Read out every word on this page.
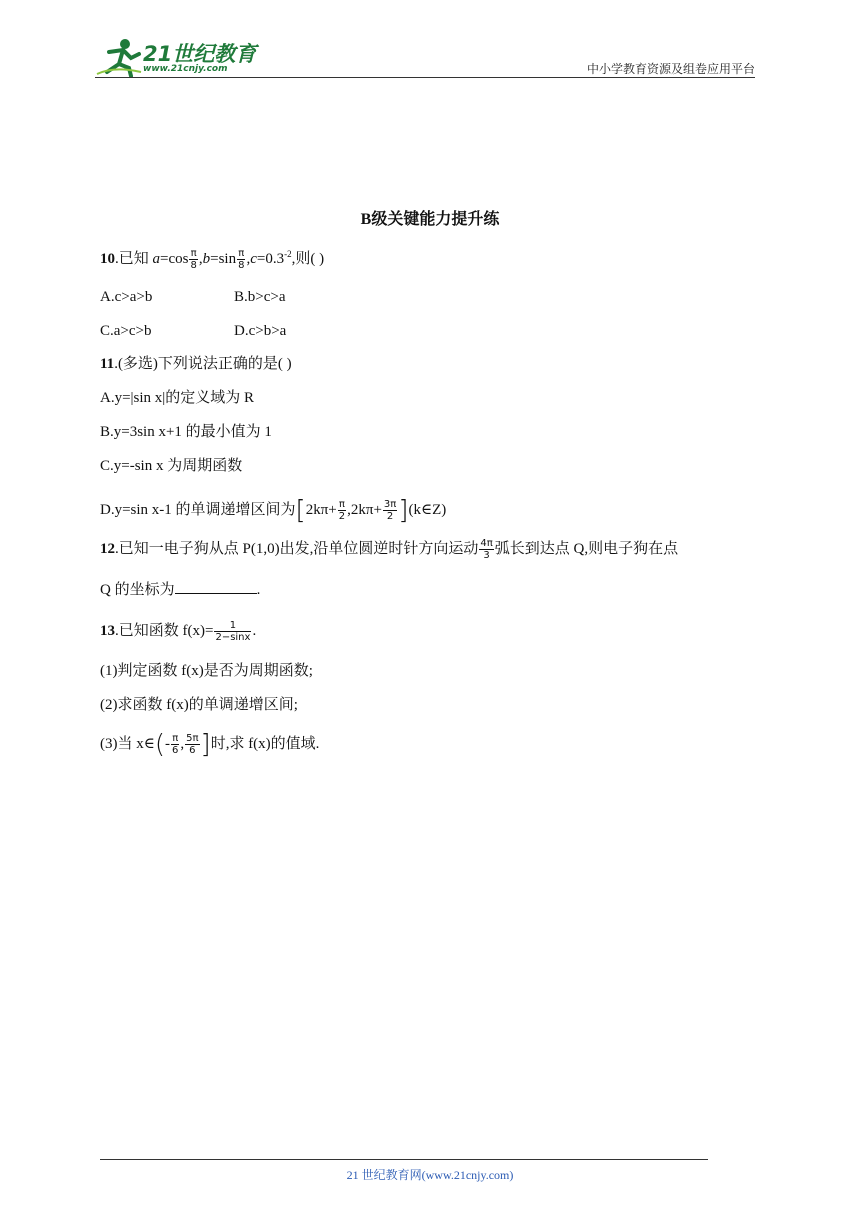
21世纪教育
www.21cnjy.com	中小学教育资源及组卷应用平台
B级关键能力提升练
10.已知 $a=\cos \frac{\pi}{8} ,b=\sin \frac{\pi}{8} ,c=0.3^{-2}$,则( )
A.c>a>b	B.b>c>a
C.a>c>b	D.c>b>a
11.(多选)下列说法正确的是( )
A.y=|sin x|的定义域为 R
B.y=3sin x+1 的最小值为 1
C.y=-sin x 为周期函数
D.y=sin x-1 的单调递增区间为[$2k\pi+ \frac{\pi}{2} ,2k\pi+ \frac{3\pi}{2}$ ](k∈Z)
12.已知一电子狗从点 P(1,0)出发,沿单位圆逆时针方向运动 $\frac{4\pi}{3}$ 弧长到达点 Q,则电子狗在点
Q 的坐标为	.
13.已知函数 $f(x)= \frac{1}{2-\sin x}$ .
(1)判定函数 f(x)是否为周期函数;
(2)求函数 f(x)的单调递增区间;
(3)当 x∈(- $\frac{\pi}{6}$ , $\frac{5\pi}{6}$ ]时,求 f(x)的值域.
21 世纪教育网(www.21cnjy.com)
